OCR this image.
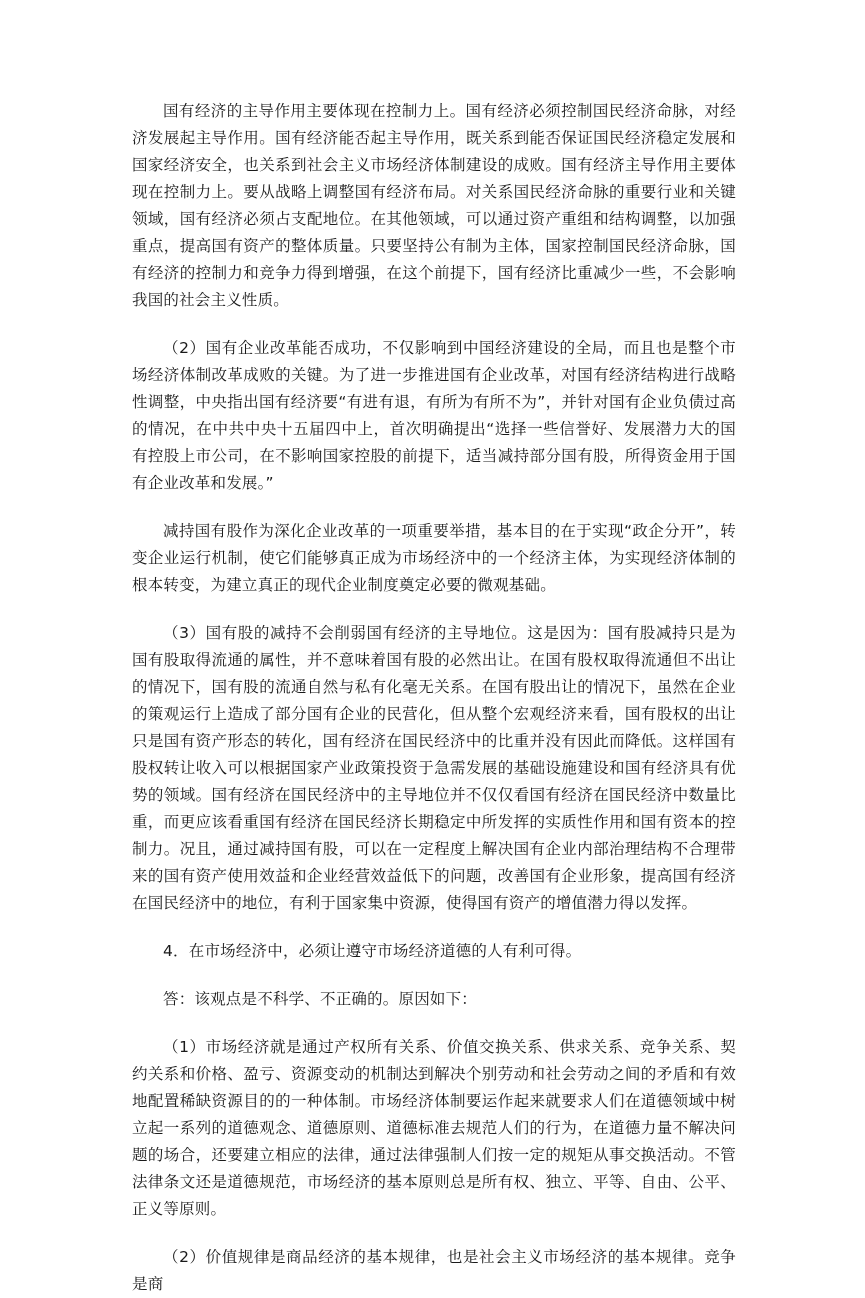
国有经济的主导作用主要体现在控制力上。国有经济必须控制国民经济命脉，对经济发展起主导作用。国有经济能否起主导作用，既关系到能否保证国民经济稳定发展和国家经济安全，也关系到社会主义市场经济体制建设的成败。国有经济主导作用主要体现在控制力上。要从战略上调整国有经济布局。对关系国民经济命脉的重要行业和关键领域，国有经济必须占支配地位。在其他领域，可以通过资产重组和结构调整，以加强重点，提高国有资产的整体质量。只要坚持公有制为主体，国家控制国民经济命脉，国有经济的控制力和竞争力得到增强，在这个前提下，国有经济比重减少一些，不会影响我国的社会主义性质。

（2）国有企业改革能否成功，不仅影响到中国经济建设的全局，而且也是整个市场经济体制改革成败的关键。为了进一步推进国有企业改革，对国有经济结构进行战略性调整，中央指出国有经济要“有进有退，有所为有所不为”，并针对国有企业负债过高的情况，在中共中央十五届四中上，首次明确提出“选择一些信誉好、发展潜力大的国有控股上市公司，在不影响国家控股的前提下，适当减持部分国有股，所得资金用于国有企业改革和发展。”

减持国有股作为深化企业改革的一项重要举措，基本目的在于实现“政企分开”，转变企业运行机制，使它们能够真正成为市场经济中的一个经济主体，为实现经济体制的根本转变，为建立真正的现代企业制度奠定必要的微观基础。

（3）国有股的减持不会削弱国有经济的主导地位。这是因为：国有股减持只是为国有股取得流通的属性，并不意味着国有股的必然出让。在国有股权取得流通但不出让的情况下，国有股的流通自然与私有化毫无关系。在国有股出让的情况下，虽然在企业的策观运行上造成了部分国有企业的民营化，但从整个宏观经济来看，国有股权的出让只是国有资产形态的转化，国有经济在国民经济中的比重并没有因此而降低。这样国有股权转让收入可以根据国家产业政策投资于急需发展的基础设施建设和国有经济具有优势的领域。国有经济在国民经济中的主导地位并不仅仅看国有经济在国民经济中数量比重，而更应该看重国有经济在国民经济长期稳定中所发挥的实质性作用和国有资本的控制力。况且，通过减持国有股，可以在一定程度上解决国有企业内部治理结构不合理带来的国有资产使用效益和企业经营效益低下的问题，改善国有企业形象，提高国有经济在国民经济中的地位，有利于国家集中资源，使得国有资产的增值潜力得以发挥。

4．在市场经济中，必须让遵守市场经济道德的人有利可得。

答：该观点是不科学、不正确的。原因如下：

（1）市场经济就是通过产权所有关系、价值交换关系、供求关系、竞争关系、契约关系和价格、盈亏、资源变动的机制达到解决个别劳动和社会劳动之间的矛盾和有效地配置稀缺资源目的的一种体制。市场经济体制要运作起来就要求人们在道德领域中树立起一系列的道德观念、道德原则、道德标准去规范人们的行为，在道德力量不解决问题的场合，还要建立相应的法律，通过法律强制人们按一定的规矩从事交换活动。不管法律条文还是道德规范，市场经济的基本原则总是所有权、独立、平等、自由、公平、正义等原则。

（2）价值规律是商品经济的基本规律，也是社会主义市场经济的基本规律。竞争是商
